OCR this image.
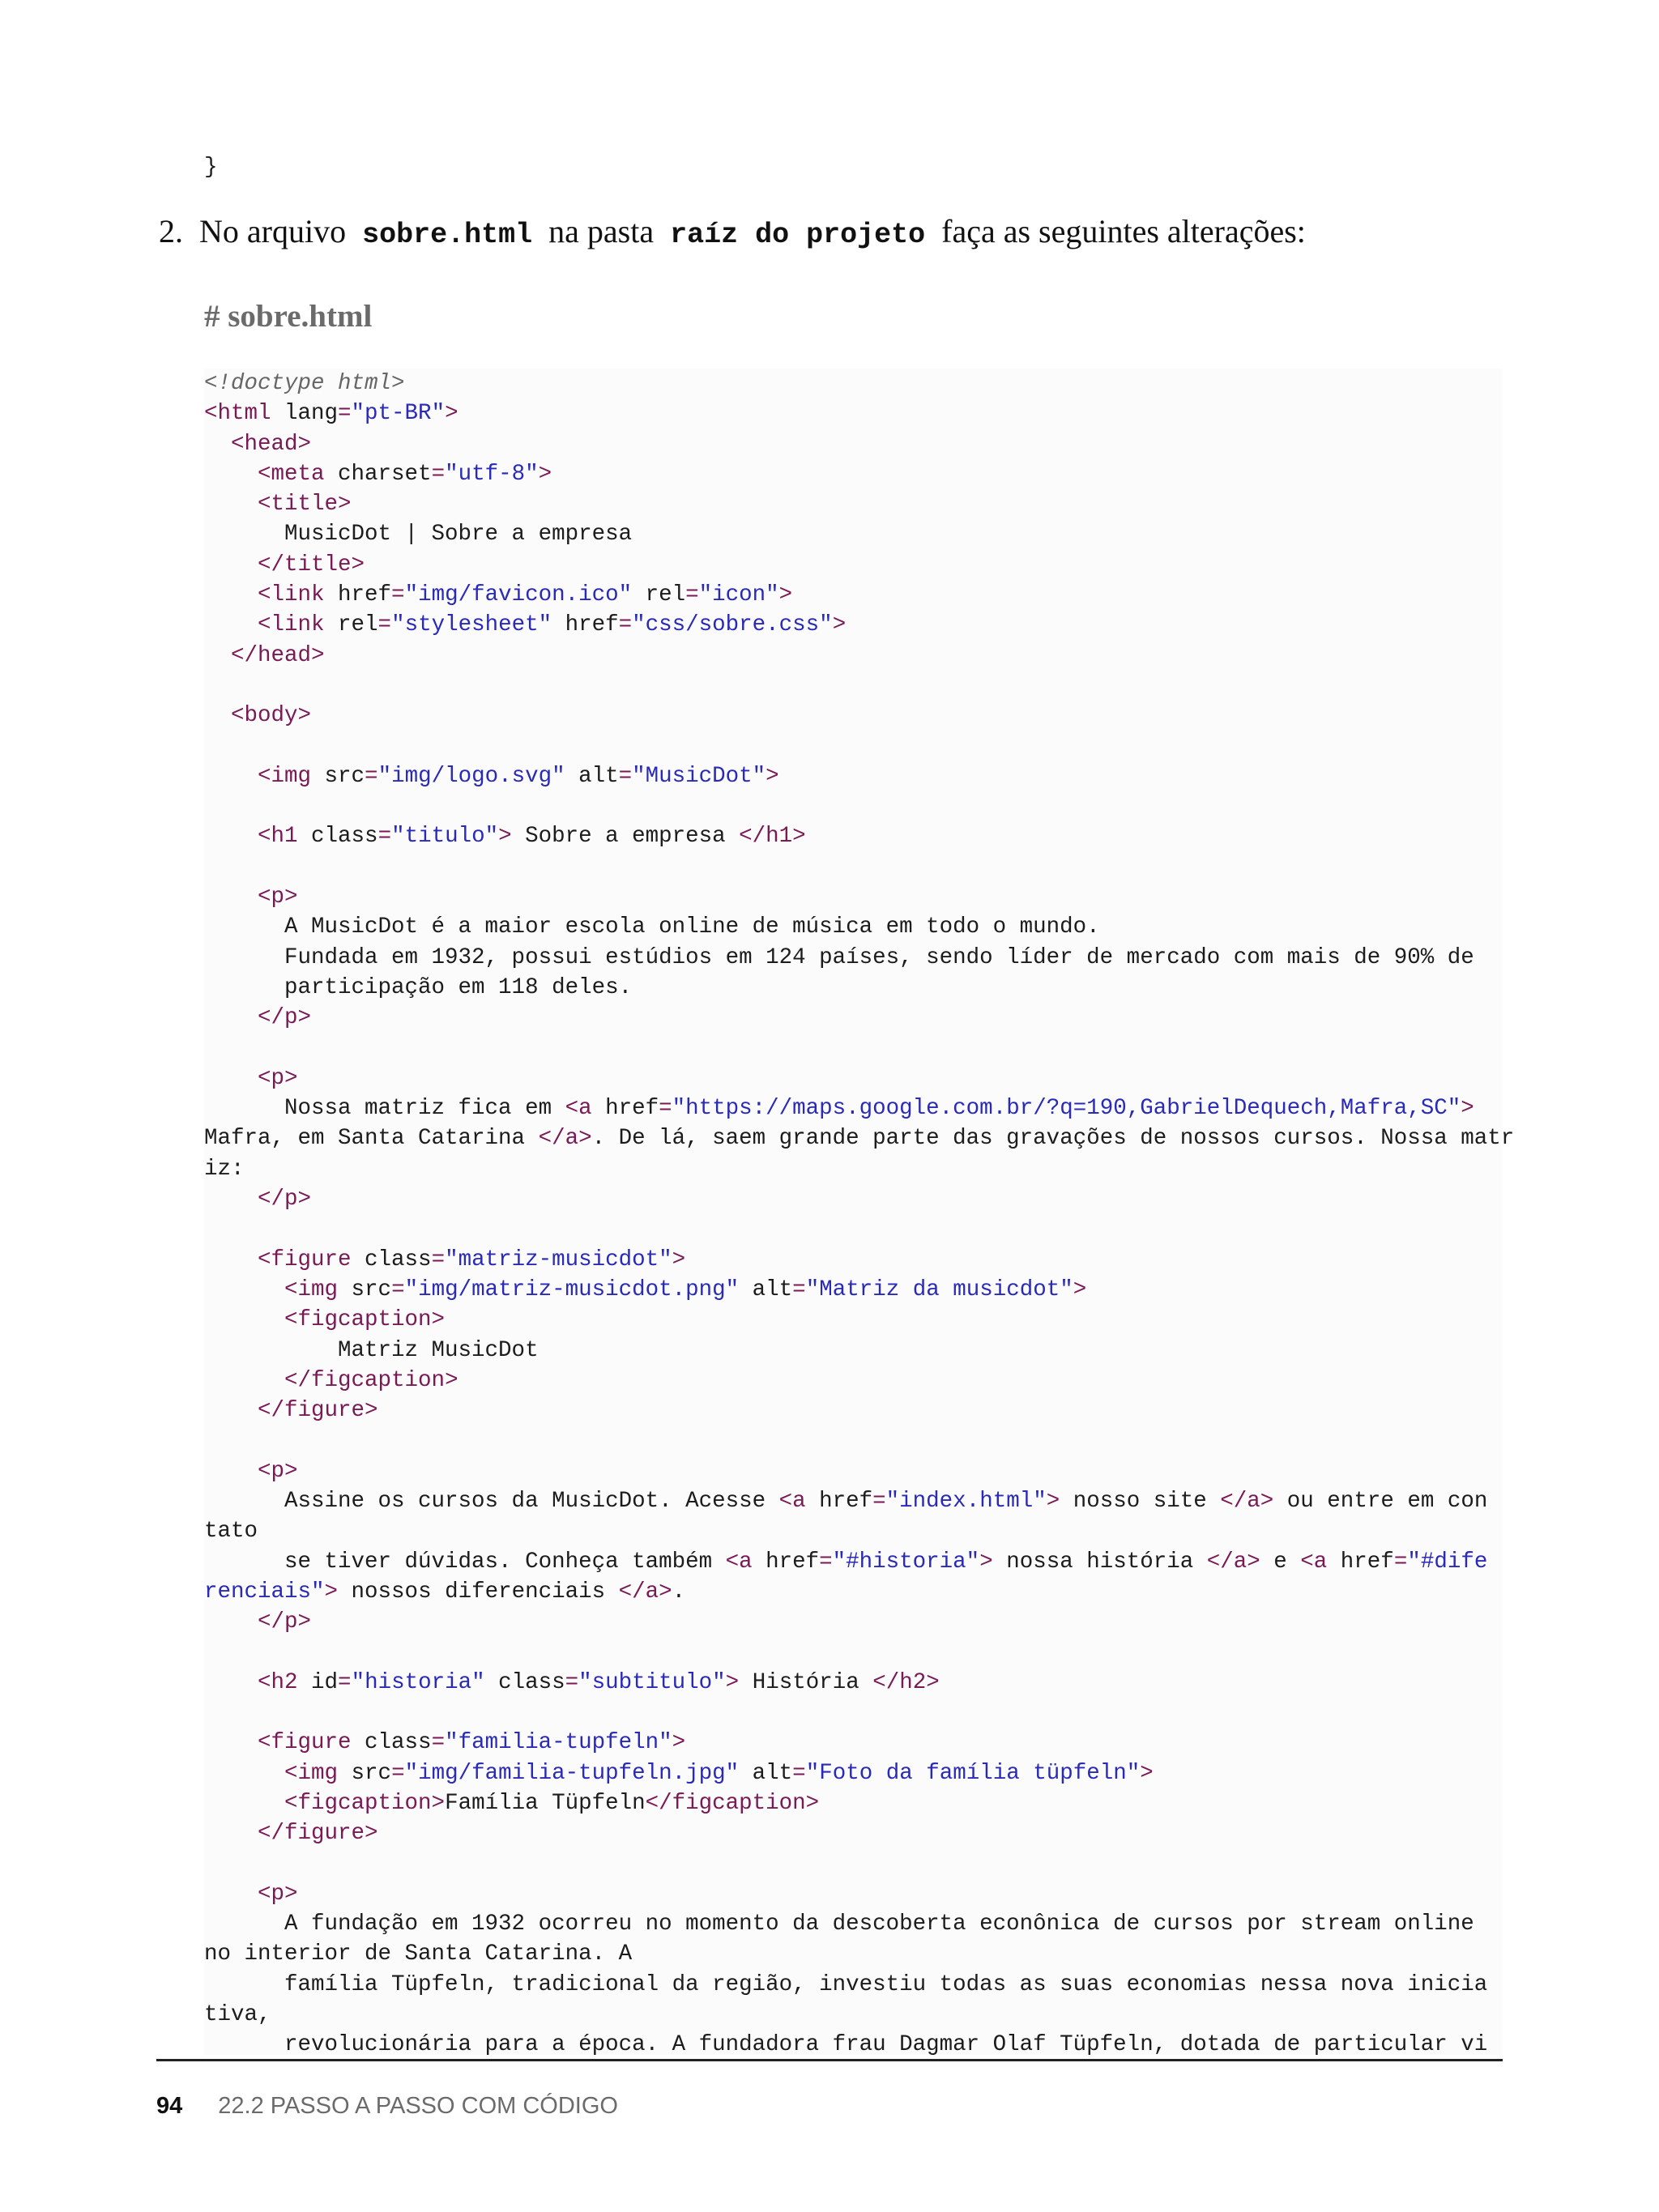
}
2. No arquivo sobre.html na pasta raíz do projeto faça as seguintes alterações:
# sobre.html
<!doctype html>
<html lang="pt-BR">
<head>
<meta charset="utf-8">
<title>
MusicDot | Sobre a empresa
</title>
<link href="img/favicon.ico" rel="icon">
<link rel="stylesheet" href="css/sobre.css">
</head>

<body>

<img src="img/logo.svg" alt="MusicDot">

<h1 class="titulo"> Sobre a empresa </h1>

<p>
A MusicDot é a maior escola online de música em todo o mundo.
Fundada em 1932, possui estúdios em 124 países, sendo líder de mercado com mais de 90% de
participação em 118 deles.
</p>

<p>
Nossa matriz fica em <a href="https://maps.google.com.br/?q=190,GabrielDequech,Mafra,SC">
Mafra, em Santa Catarina </a>. De lá, saem grande parte das gravações de nossos cursos. Nossa matr
iz:
</p>

<figure class="matriz-musicdot">
<img src="img/matriz-musicdot.png" alt="Matriz da musicdot">
<figcaption>
Matriz MusicDot
</figcaption>
</figure>

<p>
Assine os cursos da MusicDot. Acesse <a href="index.html"> nosso site </a> ou entre em con
tato
se tiver dúvidas. Conheça também <a href="#historia"> nossa história </a> e <a href="#dife
renciais"> nossos diferenciais </a>.
</p>

<h2 id="historia" class="subtitulo"> História </h2>

<figure class="familia-tupfeln">
<img src="img/familia-tupfeln.jpg" alt="Foto da família tüpfeln">
<figcaption>Família Tüpfeln</figcaption>
</figure>

<p>
A fundação em 1932 ocorreu no momento da descoberta econônica de cursos por stream online
no interior de Santa Catarina. A
família Tüpfeln, tradicional da região, investiu todas as suas economias nessa nova inicia
tiva,
revolucionária para a época. A fundadora frau Dagmar Olaf Tüpfeln, dotada de particular vi
94 22.2 PASSO A PASSO COM CÓDIGO
